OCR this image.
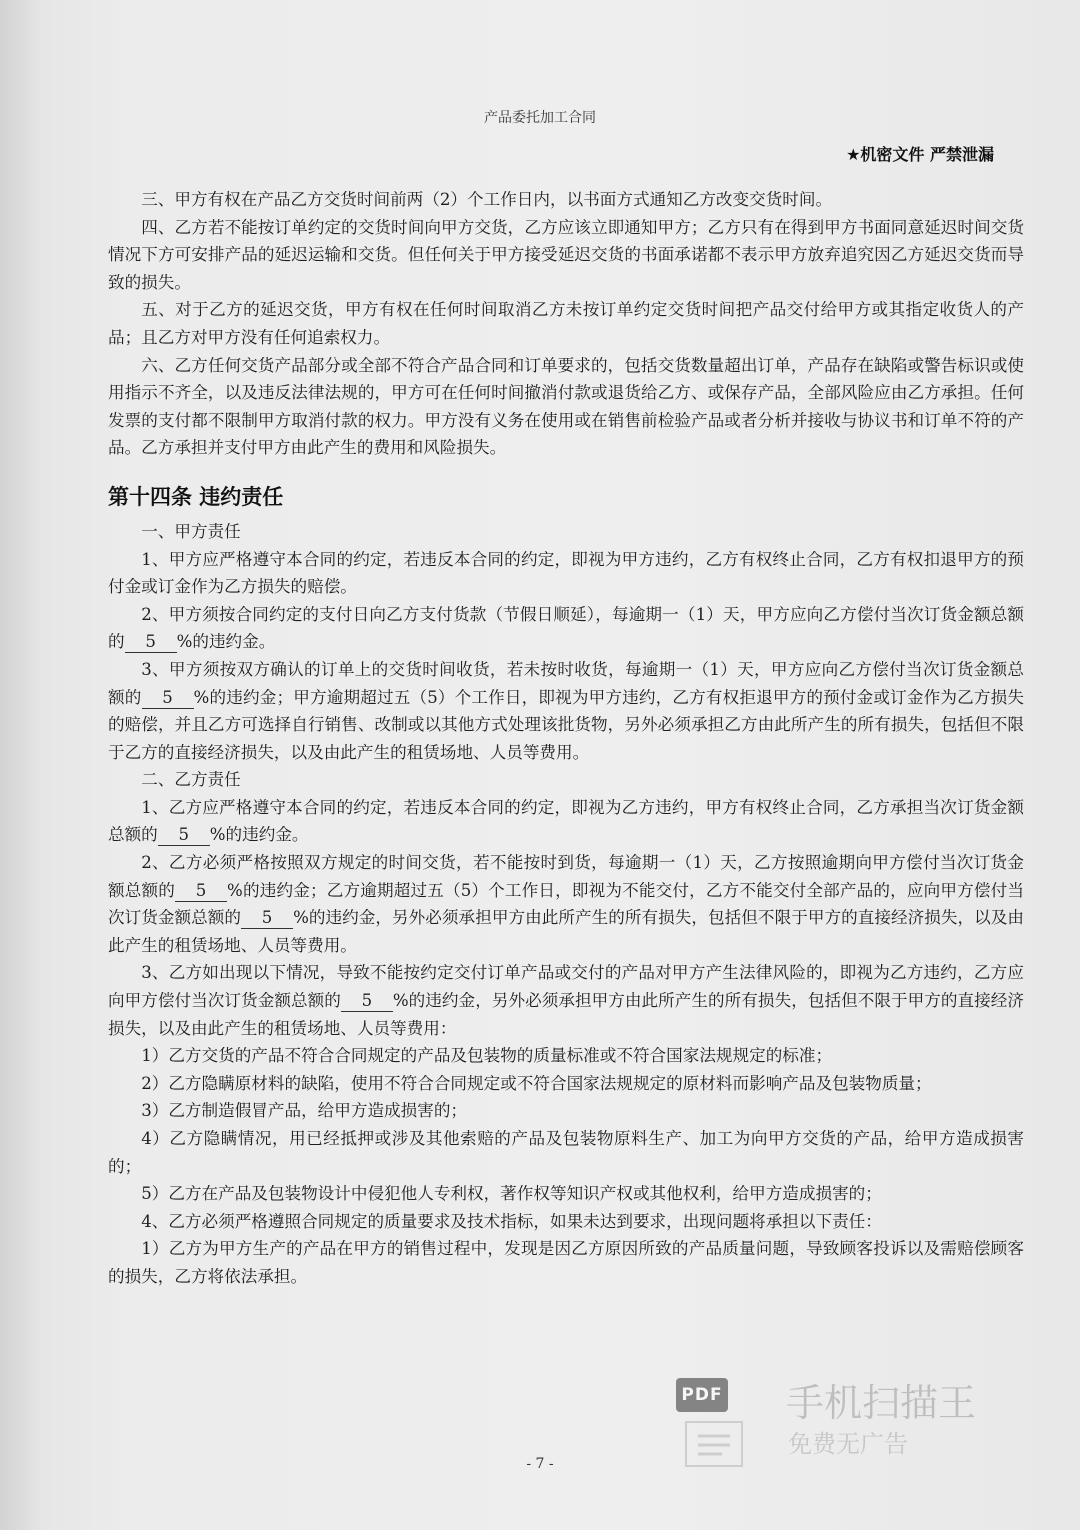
产品委托加工合同
★机密文件 严禁泄漏

三、甲方有权在产品乙方交货时间前两（2）个工作日内，以书面方式通知乙方改变交货时间。

四、乙方若不能按订单约定的交货时间向甲方交货，乙方应该立即通知甲方；乙方只有在得到甲方书面同意延迟时间交货情况下方可安排产品的延迟运输和交货。但任何关于甲方接受延迟交货的书面承诺都不表示甲方放弃追究因乙方延迟交货而导致的损失。

五、对于乙方的延迟交货，甲方有权在任何时间取消乙方未按订单约定交货时间把产品交付给甲方或其指定收货人的产品；且乙方对甲方没有任何追索权力。

六、乙方任何交货产品部分或全部不符合产品合同和订单要求的，包括交货数量超出订单，产品存在缺陷或警告标识或使用指示不齐全，以及违反法律法规的，甲方可在任何时间撤消付款或退货给乙方、或保存产品，全部风险应由乙方承担。任何发票的支付都不限制甲方取消付款的权力。甲方没有义务在使用或在销售前检验产品或者分析并接收与协议书和订单不符的产品。乙方承担并支付甲方由此产生的费用和风险损失。

第十四条 违约责任

一、甲方责任

1、甲方应严格遵守本合同的约定，若违反本合同的约定，即视为甲方违约，乙方有权终止合同，乙方有权扣退甲方的预付金或订金作为乙方损失的赔偿。

2、甲方须按合同约定的支付日向乙方支付货款（节假日顺延），每逾期一（1）天，甲方应向乙方偿付当次订货金额总额的 5 %的违约金。

3、甲方须按双方确认的订单上的交货时间收货，若未按时收货，每逾期一（1）天，甲方应向乙方偿付当次订货金额总额的 5 %的违约金；甲方逾期超过五（5）个工作日，即视为甲方违约，乙方有权拒退甲方的预付金或订金作为乙方损失的赔偿，并且乙方可选择自行销售、改制或以其他方式处理该批货物，另外必须承担乙方由此所产生的所有损失，包括但不限于乙方的直接经济损失，以及由此产生的租赁场地、人员等费用。

二、乙方责任

1、乙方应严格遵守本合同的约定，若违反本合同的约定，即视为乙方违约，甲方有权终止合同，乙方承担当次订货金额总额的 5 %的违约金。

2、乙方必须严格按照双方规定的时间交货，若不能按时到货，每逾期一（1）天，乙方按照逾期向甲方偿付当次订货金额总额的 5 %的违约金；乙方逾期超过五（5）个工作日，即视为不能交付，乙方不能交付全部产品的，应向甲方偿付当次订货金额总额的 5 %的违约金，另外必须承担甲方由此所产生的所有损失，包括但不限于甲方的直接经济损失，以及由此产生的租赁场地、人员等费用。

3、乙方如出现以下情况，导致不能按约定交付订单产品或交付的产品对甲方产生法律风险的，即视为乙方违约，乙方应向甲方偿付当次订货金额总额的 5 %的违约金，另外必须承担甲方由此所产生的所有损失，包括但不限于甲方的直接经济损失，以及由此产生的租赁场地、人员等费用：

1）乙方交货的产品不符合合同规定的产品及包装物的质量标准或不符合国家法规规定的标准；

2）乙方隐瞒原材料的缺陷，使用不符合合同规定或不符合国家法规规定的原材料而影响产品及包装物质量；

3）乙方制造假冒产品，给甲方造成损害的；

4）乙方隐瞒情况，用已经抵押或涉及其他索赔的产品及包装物原料生产、加工为向甲方交货的产品，给甲方造成损害的；

5）乙方在产品及包装物设计中侵犯他人专利权，著作权等知识产权或其他权利，给甲方造成损害的；

4、乙方必须严格遵照合同规定的质量要求及技术指标，如果未达到要求，出现问题将承担以下责任：

1）乙方为甲方生产的产品在甲方的销售过程中，发现是因乙方原因所致的产品质量问题，导致顾客投诉以及需赔偿顾客的损失，乙方将依法承担。

- 7 -
PDF 手机扫描王
免费无广告
